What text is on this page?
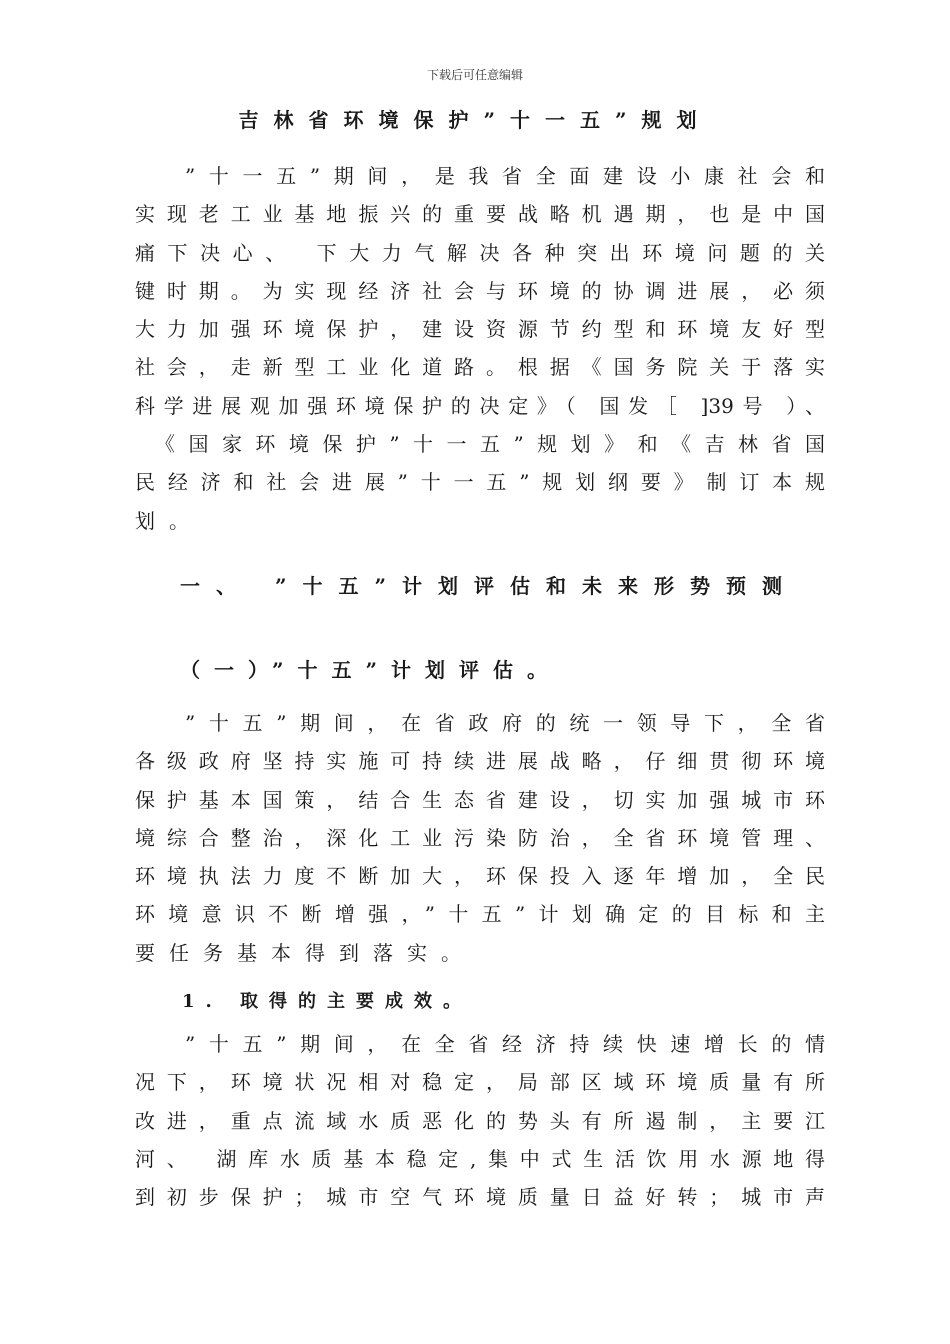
下载后可任意编辑
吉林省环境保护”十一五”规划
”十一五”期间，是我省全面建设小康社会和
实现老工业基地振兴的重要战略机遇期，也是中国
痛下决心、 下大力气解决各种突出环境问题的关
键时期。为实现经济社会与环境的协调进展，必须
大力加强环境保护，建设资源节约型和环境友好型
社会，走新型工业化道路。根据《国务院关于落实
科学进展观加强环境保护的决定》（ 国发［ ]39号 ）、
《国家环境保护”十一五”规划》和《吉林省国
民经济和社会进展”十一五”规划纲要》制订本规
划。
一、 ”十五”计划评估和未来形势预测
（一）”十五”计划评估。
”十五”期间，在省政府的统一领导下，全省
各级政府坚持实施可持续进展战略，仔细贯彻环境
保护基本国策，结合生态省建设，切实加强城市环
境综合整治，深化工业污染防治，全省环境管理、
环境执法力度不断加大，环保投入逐年增加，全民
环境意识不断增强，”十五”计划确定的目标和主
要任务基本得到落实。
1. 取得的主要成效。
”十五”期间，在全省经济持续快速增长的情
况下，环境状况相对稳定，局部区域环境质量有所
改进，重点流域水质恶化的势头有所遏制，主要江
河、 湖库水质基本稳定,集中式生活饮用水源地得
到初步保护；城市空气环境质量日益好转；城市声
